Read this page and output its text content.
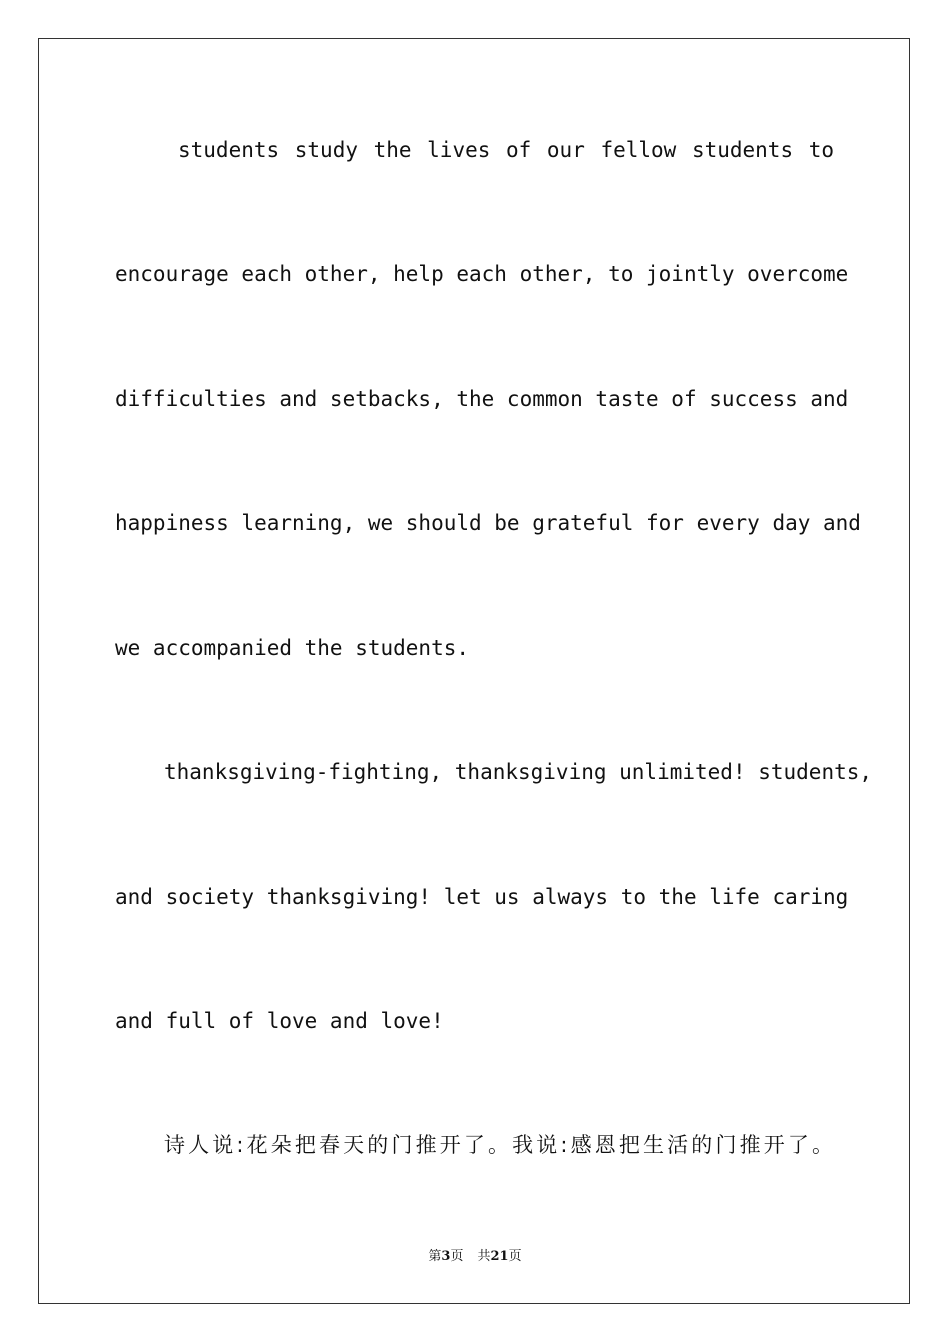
students study the lives of our fellow students to
encourage each other, help each other, to jointly overcome
difficulties and setbacks, the common taste of success and
happiness learning, we should be grateful for every day and
we accompanied the students.
thanksgiving-fighting, thanksgiving unlimited! students,
and society thanksgiving! let us always to the life caring
and full of love and love!
诗人说:花朵把春天的门推开了。我说:感恩把生活的门推开了。
第3页 共21页
